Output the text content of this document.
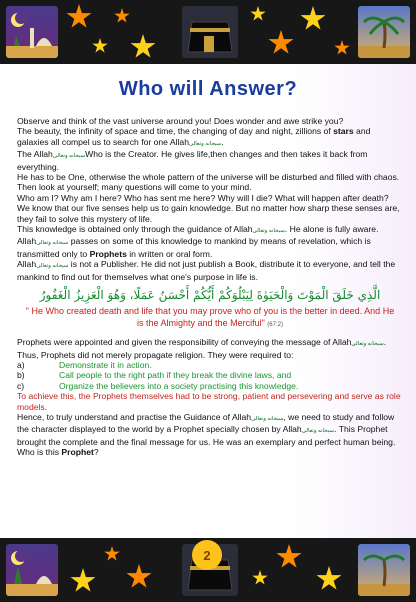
Who will Answer?

Observe and think of the vast universe around you! Does wonder and awe strike you?

The beauty, the infinity of space and time, the changing of day and night, zillions of stars and galaxies all compel us to search for one Allahسبحانه وتعالى.

The Allahسبحانه وتعالىWho is the Creator. He gives life,then changes and then takes it back from everything.

He has to be One, otherwise the whole pattern of the universe will be disturbed and filled with chaos.

Then look at yourself; many questions will come to your mind.

Who am I? Why am I here? Who has sent me here? Why will I die? What will happen after death?

We know that our five senses help us to gain knowledge. But no matter how sharp these senses are, they fail to solve this mystery of life.

This knowledge is obtained only through the guidance of Allahسبحانه وتعالى. He alone is fully aware.

Allahسبحانه وتعالى passes on some of this knowledge to mankind by means of revelation, which is transmitted only to Prophets in written or oral form.

Allahسبحانه وتعالى is not a Publisher. He did not just publish a Book, distribute it to everyone, and tell the mankind to find out for themselves what one's purpose in life is.

الَّذِي خَلَقَ الْمَوْتَ وَالْحَيَوٰةَ لِيَبْلُوَكُمْ أَيُّكُمْ أَحْسَنُ عَمَلًا، وَهُوَ الْعَزِيزُ الْغَفُورُ
" He Who created death and life that you may prove who of you is the better in deed. And He is the Almighty and the Merciful" (67:2)

Prophets were appointed and given the responsibility of conveying the message of Allahسبحانه وتعالى.

Thus, Prophets did not merely propagate religion. They were required to:

a)	Demonstrate it in action.
b)	Call people to the right path if they break the divine laws, and
c)	Organize the believers into a society practising this knowledge.

To achieve this, the Prophets themselves had to be strong, patient and persevering and serve as role models.

Hence, to truly understand and practise the Guidance of Allahسبحانه وتعالى, we need to study and follow the character displayed to the world by a Prophet specially chosen by Allahسبحانه وتعالى. This Prophet brought the complete and the final message for us. He was an exemplary and perfect human being. Who is this Prophet?

2
